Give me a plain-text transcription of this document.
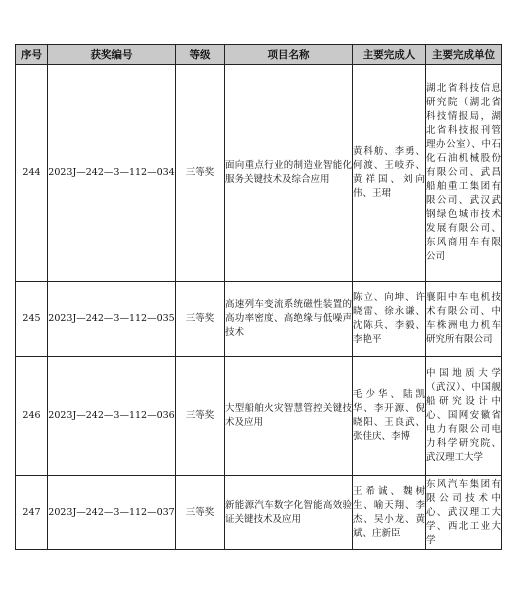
序号	获奖编号	等级	项目名称	主要完成人	主要完成单位
244	2023J—242—3—112—034	三等奖	面向重点行业的制造业智能化服务关键技术及综合应用	黄科舫、李勇、何渡、王岐乔、黄祥国、刘向伟、王珺	湖北省科技信息研究院（湖北省科技情报局，湖北省科技报刊管理办公室）、中石化石油机械股份有限公司、武昌船舶重工集团有限公司、武汉武钢绿色城市技术发展有限公司、东风商用车有限公司
245	2023J—242—3—112—035	三等奖	高速列车变流系统磁性装置的高功率密度、高绝缘与低噪声技术	陈立、向坤、许晓雷、徐永谦、沈陈兵、李毅、李艳平	襄阳中车电机技术有限公司、中车株洲电力机车研究所有限公司
246	2023J—242—3—112—036	三等奖	大型船舶火灾智慧管控关键技术及应用	毛少华、陆凯华、李开源、倪晓阳、王良武、张佳庆、李博	中国地质大学（武汉）、中国舰船研究设计中心、国网安徽省电力有限公司电力科学研究院、武汉理工大学
247	2023J—242—3—112—037	三等奖	新能源汽车数字化智能高效验证关键技术及应用	王希诚、魏树生、喻天翔、李杰、吴小龙、黄斌、庄新臣	东风汽车集团有限公司技术中心、武汉理工大学、西北工业大学
